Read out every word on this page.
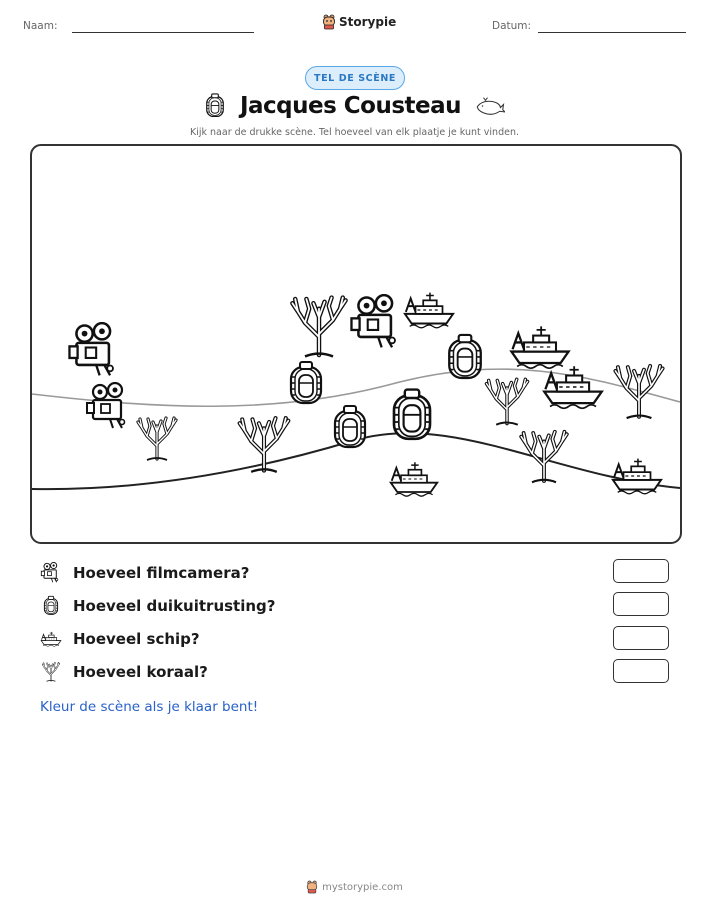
Naam:	Storypie	Datum:
TEL DE SCÈNE
Jacques Cousteau
Kijk naar de drukke scène. Tel hoeveel van elk plaatje je kunt vinden.
Hoeveel filmcamera?
Hoeveel duikuitrusting?
Hoeveel schip?
Hoeveel koraal?
Kleur de scène als je klaar bent!
mystorypie.com
